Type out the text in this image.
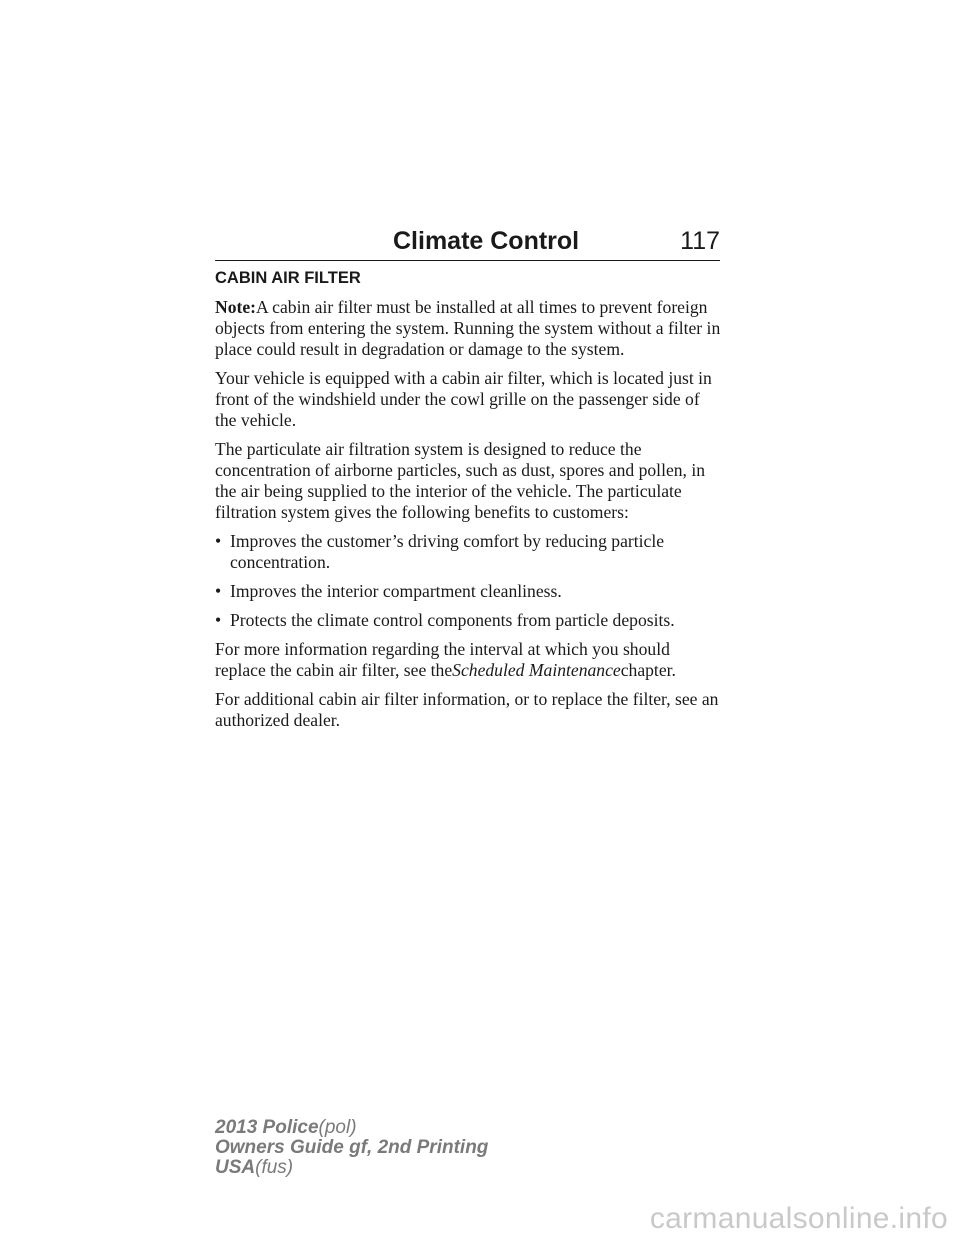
Climate Control	117
CABIN AIR FILTER

Note:A cabin air filter must be installed at all times to prevent foreign objects from entering the system. Running the system without a filter in place could result in degradation or damage to the system.

Your vehicle is equipped with a cabin air filter, which is located just in front of the windshield under the cowl grille on the passenger side of the vehicle.

The particulate air filtration system is designed to reduce the concentration of airborne particles, such as dust, spores and pollen, in the air being supplied to the interior of the vehicle. The particulate filtration system gives the following benefits to customers:

• Improves the customer’s driving comfort by reducing particle concentration.
• Improves the interior compartment cleanliness.
• Protects the climate control components from particle deposits.

For more information regarding the interval at which you should replace the cabin air filter, see theScheduled Maintenancechapter.

For additional cabin air filter information, or to replace the filter, see an authorized dealer.

2013 Police(pol)
Owners Guide gf, 2nd Printing
USA(fus)
carmanualsonline.info
